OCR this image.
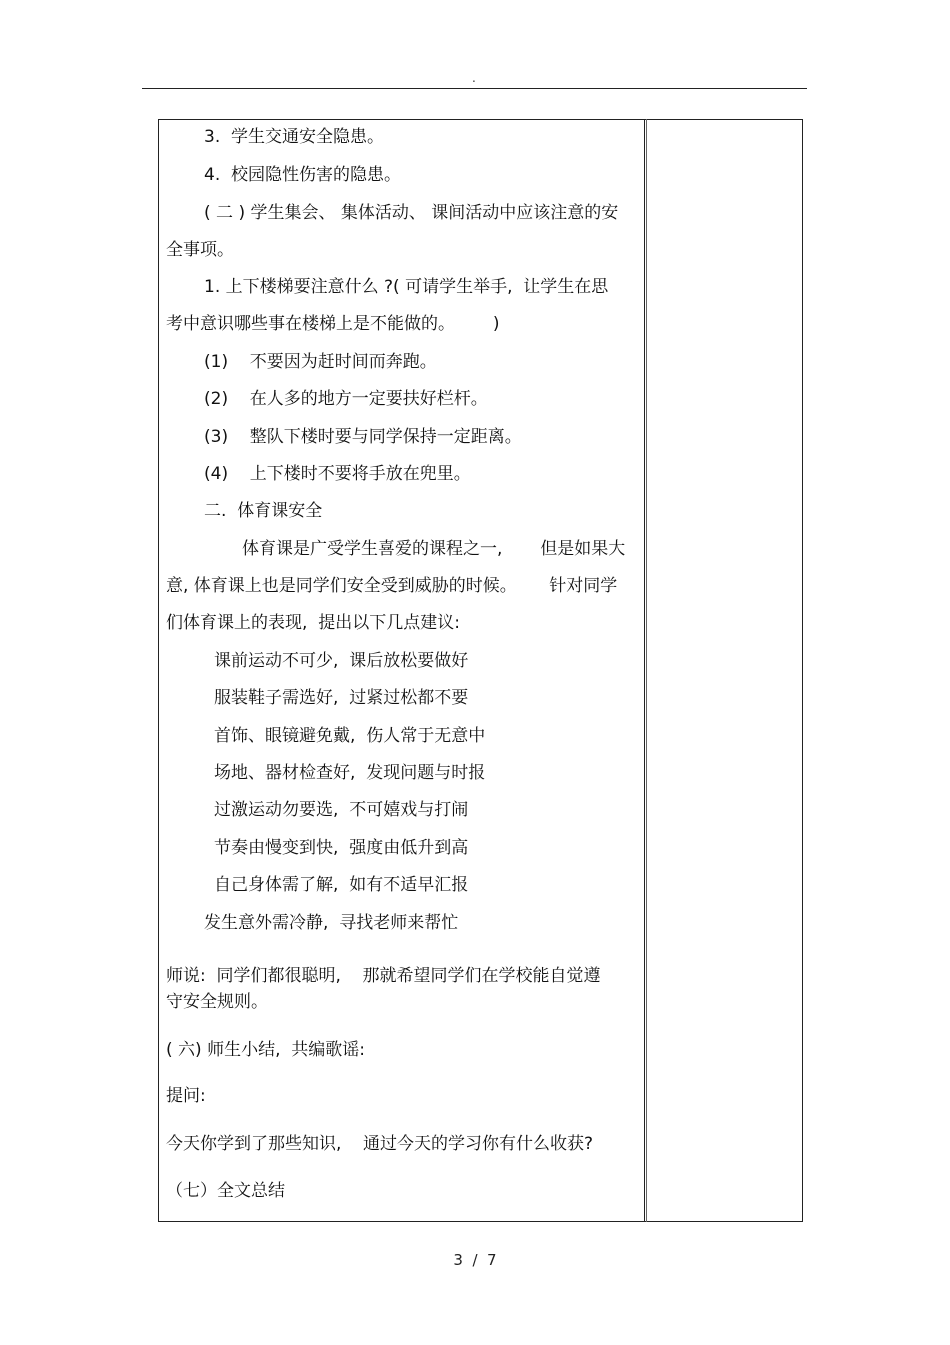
.
3.  学生交通安全隐患。
4.  校园隐性伤害的隐患。
( 二 ) 学生集会、 集体活动、 课间活动中应该注意的安
全事项。
1. 上下楼梯要注意什么 ?( 可请学生举手,  让学生在思
考中意识哪些事在楼梯上是不能做的。       )
(1)    不要因为赶时间而奔跑。
(2)    在人多的地方一定要扶好栏杆。
(3)    整队下楼时要与同学保持一定距离。
(4)    上下楼时不要将手放在兜里。
二.  体育课安全
体育课是广受学生喜爱的课程之一,       但是如果大
意, 体育课上也是同学们安全受到威胁的时候。      针对同学
们体育课上的表现,  提出以下几点建议:
课前运动不可少,  课后放松要做好
服装鞋子需选好,  过紧过松都不要
首饰、眼镜避免戴,  伤人常于无意中
场地、器材检查好,  发现问题与时报
过激运动勿要选,  不可嬉戏与打闹
节奏由慢变到快,  强度由低升到高
自己身体需了解,  如有不适早汇报
发生意外需冷静,  寻找老师来帮忙
师说:  同学们都很聪明,    那就希望同学们在学校能自觉遵
守安全规则。
( 六) 师生小结,  共编歌谣:
提问:
今天你学到了那些知识,    通过今天的学习你有什么收获?
（七）全文总结
3  /  7
